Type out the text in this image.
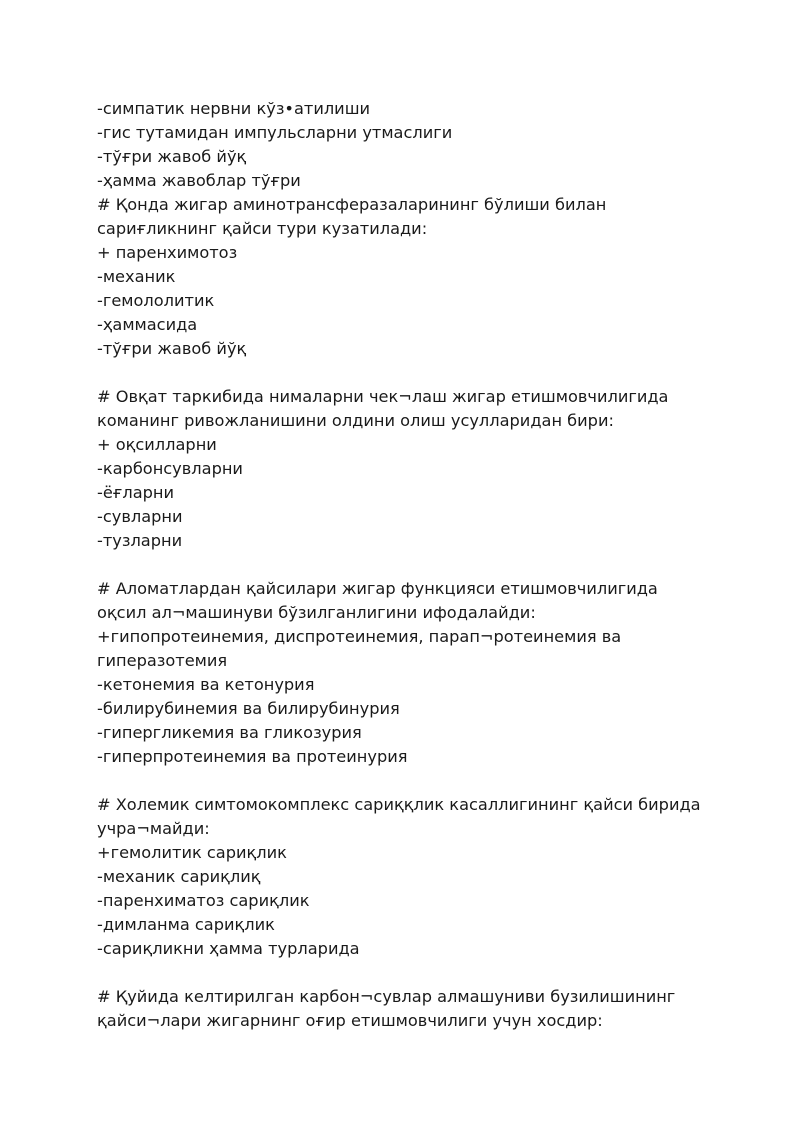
-симпатик нервни кўз•атилиши
-гис тутамидан импульсларни утмаслиги
-тўғри жавоб йўқ
-ҳамма жавоблар тўғри
# Қонда жигар аминотрансферазаларининг бўлиши билан
сариғликнинг қайси тури кузатилади:
+ паренхимотоз
-механик
-гемололитик
-ҳаммасида
-тўғри жавоб йўқ
# Овқат таркибида нималарни чек¬лаш жигар етишмовчилигида
команинг ривожланишини олдини олиш усулларидан бири:
+ оқсилларни
-карбонсувларни
-ёғларни
-сувларни
-тузларни
# Аломатлардан қайсилари жигар функцияси етишмовчилигида
оқсил ал¬машинуви бўзилганлигини ифодалайди:
+гипопротеинемия, диспротеинемия, парап¬ротеинемия ва
гиперазотемия
-кетонемия ва кетонурия
-билирубинемия ва билирубинурия
-гипергликемия ва гликозурия
-гиперпротеинемия ва протеинурия
# Холемик симтомокомплекс сариққлик касаллигининг қайси бирида
учра¬майди:
+гемолитик сариқлик
-механик сариқлиқ
-паренхиматоз сариқлик
-димланма сариқлик
-сариқликни ҳамма турларида
# Қуйида келтирилган карбон¬сувлар алмашуниви бузилишининг
қайси¬лари жигарнинг оғир етишмовчилиги учун хосдир:
